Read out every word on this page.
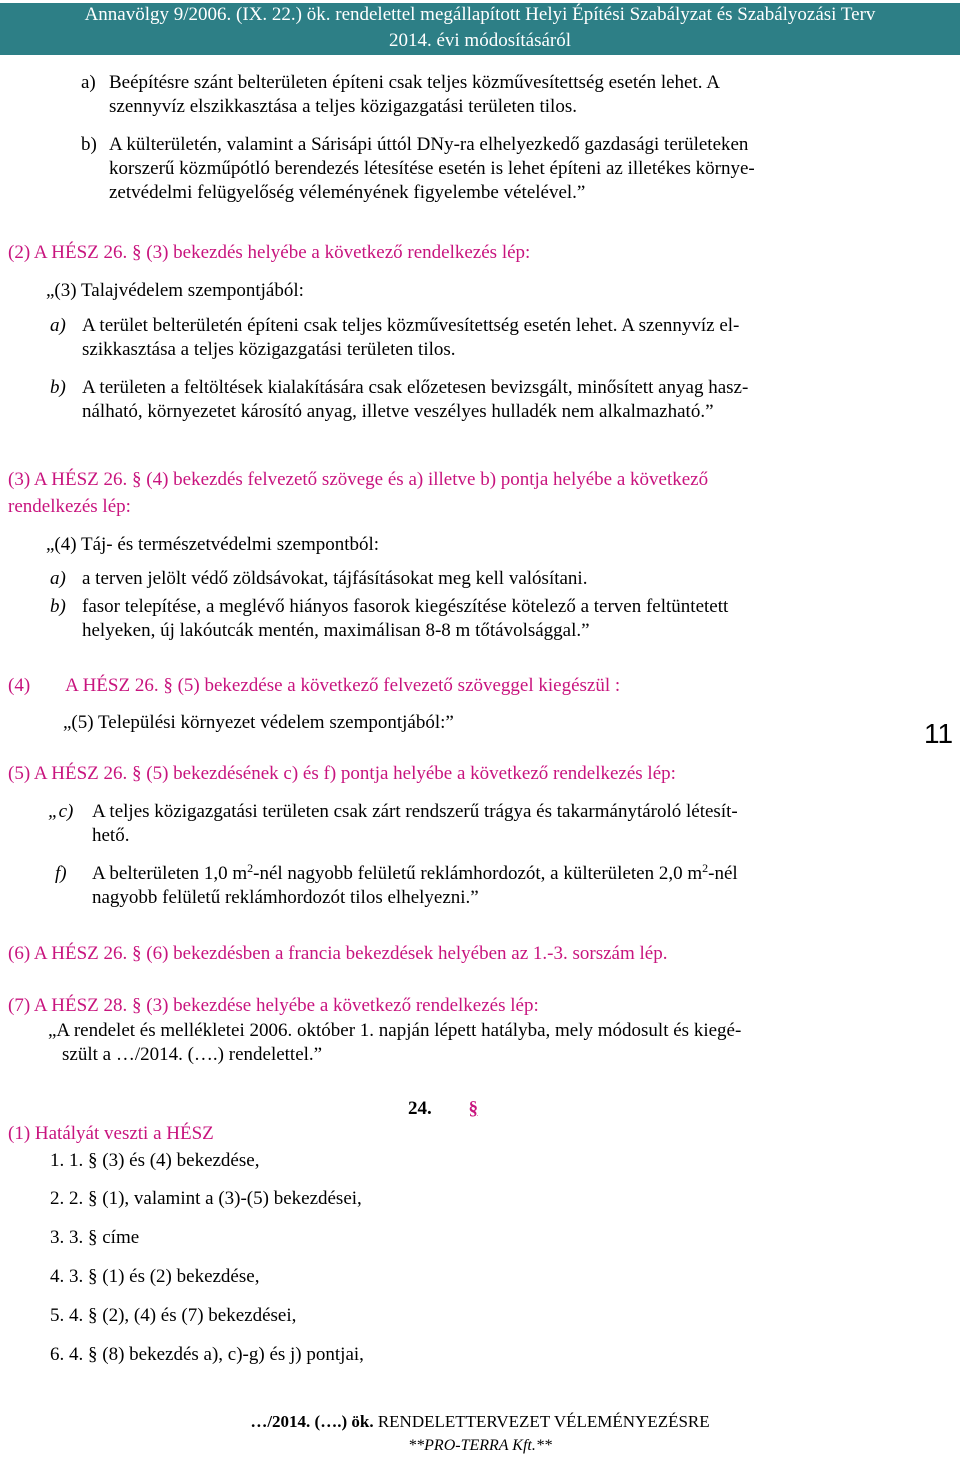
Annavölgy 9/2006. (IX. 22.) ök. rendelettel megállapított Helyi Építési Szabályzat és Szabályozási Terv
2014. évi módosításáról
a) Beépítésre szánt belterületen építeni csak teljes közművesítettség esetén lehet. A
szennyvíz elszikkasztása a teljes közigazgatási területen tilos.
b) A külterületén, valamint a Sárisápi úttól DNy-ra elhelyezkedő gazdasági területeken
korszerű közműpótló berendezés létesítése esetén is lehet építeni az illetékes környe-
zetvédelmi felügyelőség véleményének figyelembe vételével.”
(2) A HÉSZ 26. § (3) bekezdés helyébe a következő rendelkezés lép:
„(3) Talajvédelem szempontjából:
a) A terület belterületén építeni csak teljes közművesítettség esetén lehet. A szennyvíz el-
szikkasztása a teljes közigazgatási területen tilos.
b) A területen a feltöltések kialakítására csak előzetesen bevizsgált, minősített anyag hasz-
nálható, környezetet károsító anyag, illetve veszélyes hulladék nem alkalmazható.”
(3) A HÉSZ 26. § (4) bekezdés felvezető szövege és a) illetve b) pontja helyébe a következő
rendelkezés lép:
„(4) Táj- és természetvédelmi szempontból:
a) a terven jelölt védő zöldsávokat, tájfásításokat meg kell valósítani.
b) fasor telepítése, a meglévő hiányos fasorok kiegészítése kötelező a terven feltüntetett
helyeken, új lakóutcák mentén, maximálisan 8-8 m tőtávolsággal.”
(4) A HÉSZ 26. § (5) bekezdése a következő felvezető szöveggel kiegészül :
„(5) Települési környezet védelem szempontjából:”	11
(5) A HÉSZ 26. § (5) bekezdésének c) és f) pontja helyébe a következő rendelkezés lép:
„c) A teljes közigazgatási területen csak zárt rendszerű trágya és takarmánytároló létesít-
hető.
f) A belterületen 1,0 $m^2$-nél nagyobb felületű reklámhordozót, a külterületen 2,0 $m^2$-nél
nagyobb felületű reklámhordozót tilos elhelyezni.”
(6) A HÉSZ 26. § (6) bekezdésben a francia bekezdések helyében az 1.-3. sorszám lép.
(7) A HÉSZ 28. § (3) bekezdése helyébe a következő rendelkezés lép:
„A rendelet és mellékletei 2006. október 1. napján lépett hatályba, mely módosult és kiegé-
szült a …/2014. (….) rendelettel.”
24. §
(1) Hatályát veszti a HÉSZ
1. 1. § (3) és (4) bekezdése,
2. 2. § (1), valamint a (3)-(5) bekezdései,
3. 3. § címe
4. 3. § (1) és (2) bekezdése,
5. 4. § (2), (4) és (7) bekezdései,
6. 4. § (8) bekezdés a), c)-g) és j) pontjai,
…/2014. (….) ök. RENDELETTERVEZET VÉLEMÉNYEZÉSRE
**PRO-TERRA Kft.**
